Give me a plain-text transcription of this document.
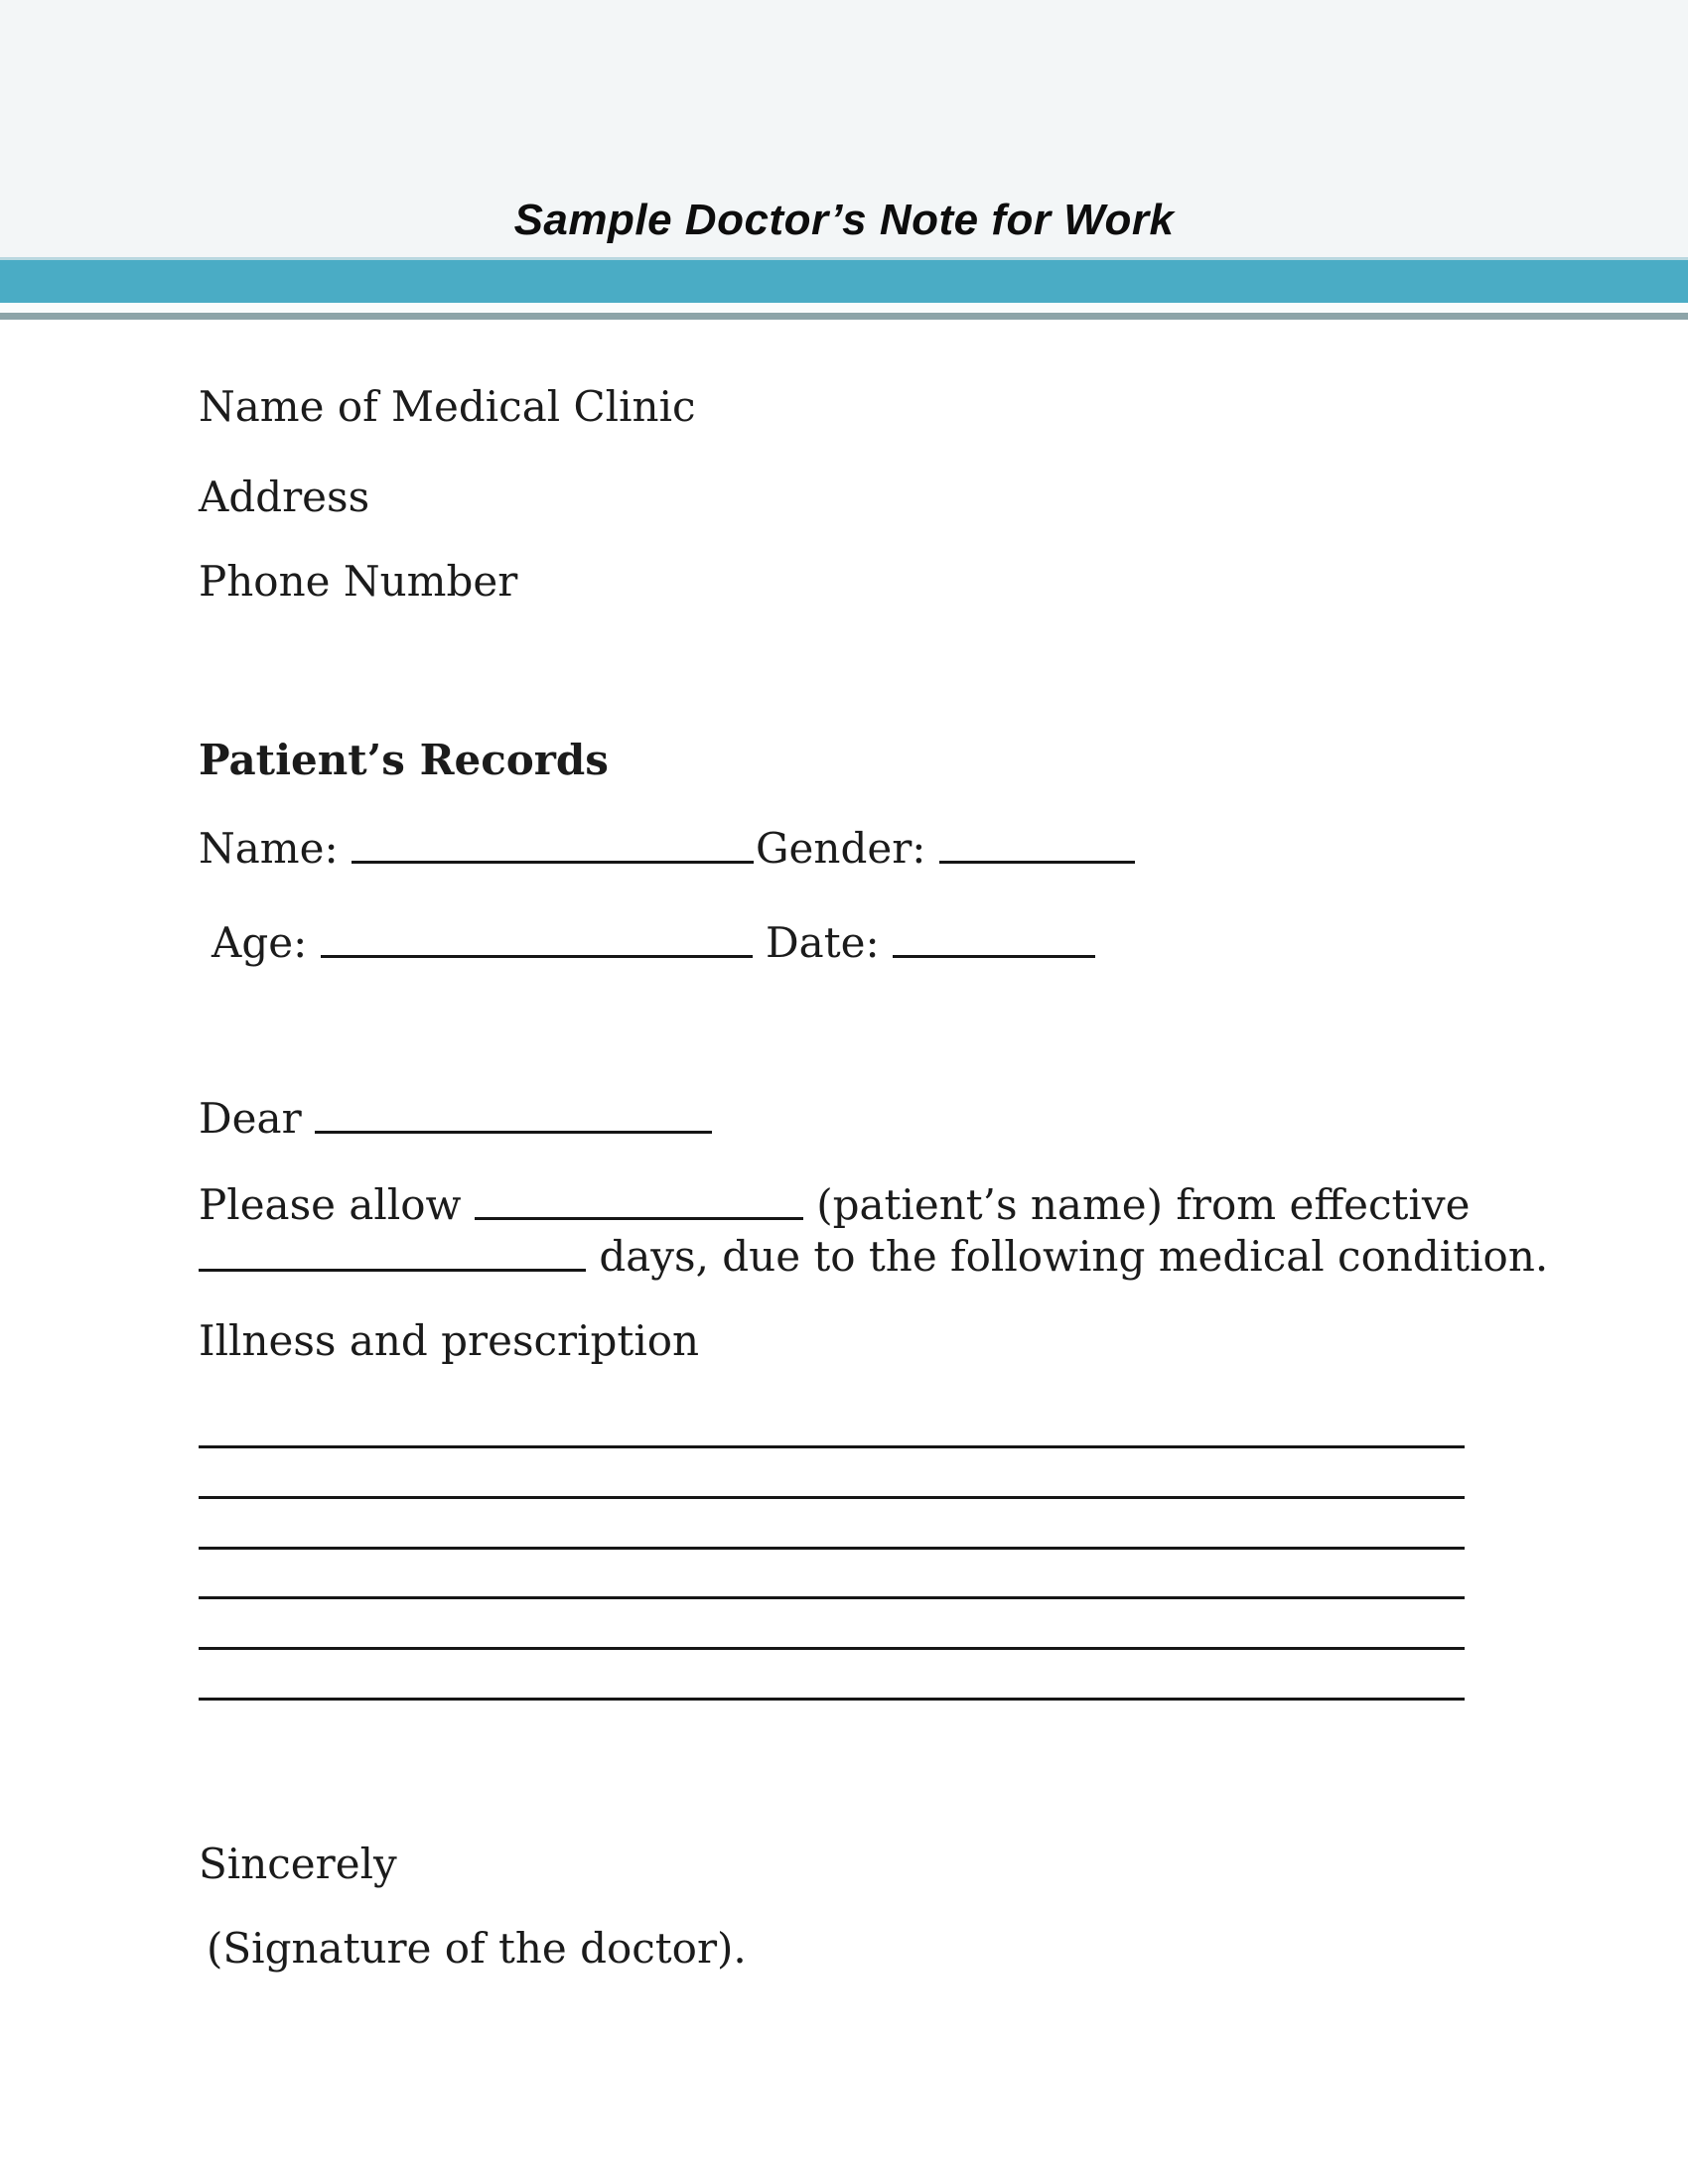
Sample Doctor’s Note for Work
Name of Medical Clinic
Address
Phone Number
Patient’s Records
Name:	Gender:
Age:	Date:
Dear
Please allow	(patient’s name) from effective
days, due to the following medical condition.
Illness and prescription
Sincerely
(Signature of the doctor).
